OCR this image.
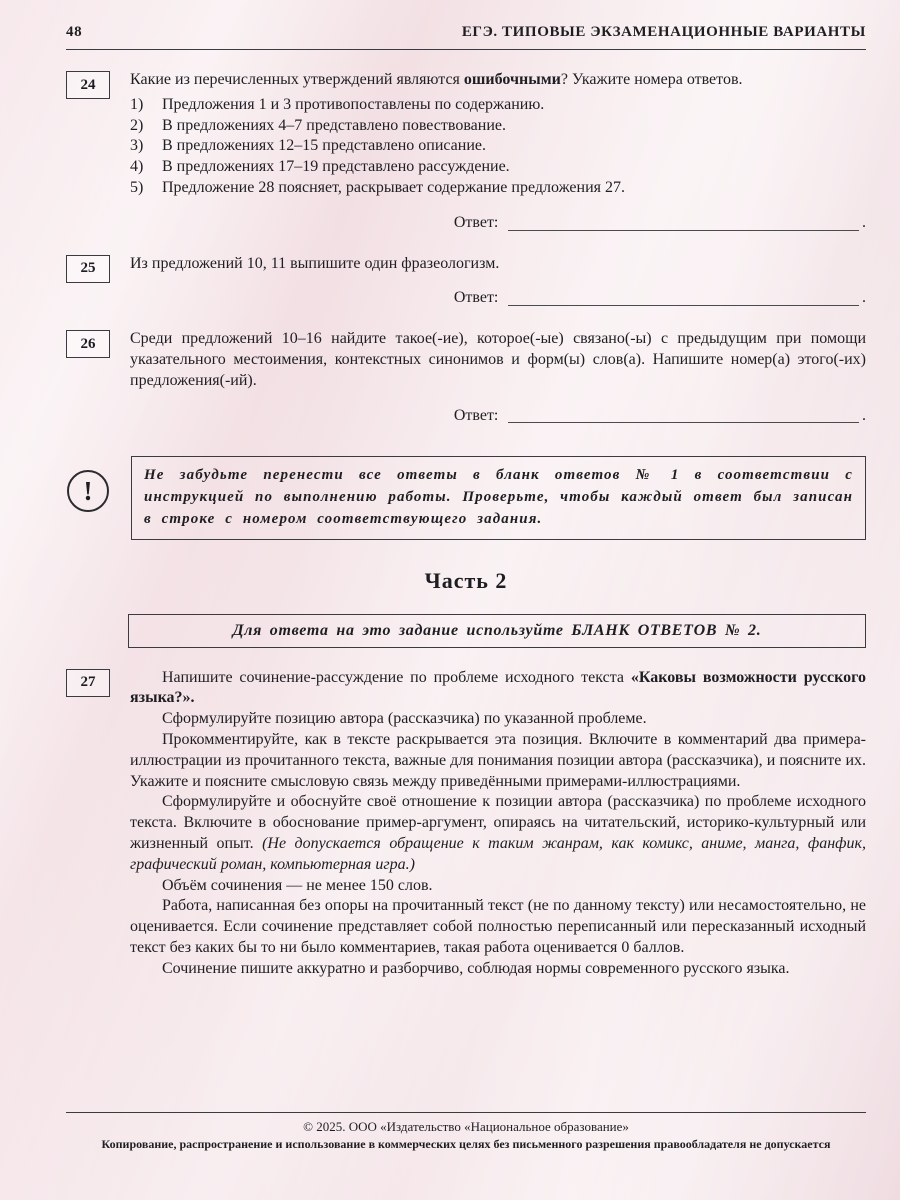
48	ЕГЭ. ТИПОВЫЕ ЭКЗАМЕНАЦИОННЫЕ ВАРИАНТЫ
24	Какие из перечисленных утверждений являются ошибочными? Укажите номера ответов.
1)	Предложения 1 и 3 противопоставлены по содержанию.
2)	В предложениях 4–7 представлено повествование.
3)	В предложениях 12–15 представлено описание.
4)	В предложениях 17–19 представлено рассуждение.
5)	Предложение 28 поясняет, раскрывает содержание предложения 27.
Ответ:	.
25	Из предложений 10, 11 выпишите один фразеологизм.
Ответ:	.
26	Среди предложений 10–16 найдите такое(-ие), которое(-ые) связано(-ы) с предыдущим при помощи указательного местоимения, контекстных синонимов и форм(ы) слов(а). Напишите номер(а) этого(-их) предложения(-ий).
Ответ:	.
!
Не забудьте перенести все ответы в бланк ответов № 1 в соответствии с инструкцией по выполнению работы. Проверьте, чтобы каждый ответ был записан в строке с номером соответствующего задания.
Часть 2
Для ответа на это задание используйте БЛАНК ОТВЕТОВ № 2.
27	Напишите сочинение-рассуждение по проблеме исходного текста «Каковы возможности русского языка?».

Сформулируйте позицию автора (рассказчика) по указанной проблеме.

Прокомментируйте, как в тексте раскрывается эта позиция. Включите в комментарий два примера-иллюстрации из прочитанного текста, важные для понимания позиции автора (рассказчика), и поясните их. Укажите и поясните смысловую связь между приведёнными примерами-иллюстрациями.

Сформулируйте и обоснуйте своё отношение к позиции автора (рассказчика) по проблеме исходного текста. Включите в обоснование пример-аргумент, опираясь на читательский, историко-культурный или жизненный опыт. (Не допускается обращение к таким жанрам, как комикс, аниме, манга, фанфик, графический роман, компьютерная игра.)

Объём сочинения — не менее 150 слов.

Работа, написанная без опоры на прочитанный текст (не по данному тексту) или несамостоятельно, не оценивается. Если сочинение представляет собой полностью переписанный или пересказанный исходный текст без каких бы то ни было комментариев, такая работа оценивается 0 баллов.

Сочинение пишите аккуратно и разборчиво, соблюдая нормы современного русского языка.

© 2025. ООО «Издательство «Национальное образование»
Копирование, распространение и использование в коммерческих целях без письменного разрешения правообладателя не допускается
